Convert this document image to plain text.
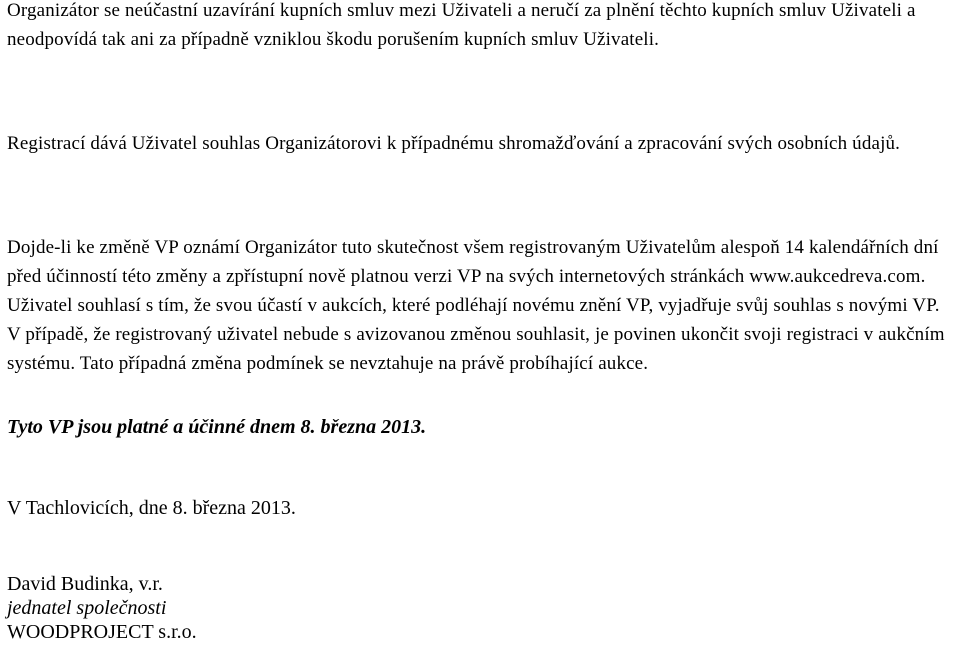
Organizátor se neúčastní uzavírání kupních smluv mezi Uživateli a neručí za plnění těchto kupních smluv Uživateli a neodpovídá tak ani za případně vzniklou škodu porušením kupních smluv Uživateli.

Registrací dává Uživatel souhlas Organizátorovi k případnému shromažďování a zpracování svých osobních údajů.

Dojde-li ke změně VP oznámí Organizátor tuto skutečnost všem registrovaným Uživatelům alespoň 14 kalendářních dní před účinností této změny a zpřístupní nově platnou verzi VP na svých internetových stránkách www.aukcedreva.com. Uživatel souhlasí s tím, že svou účastí v aukcích, které podléhají novému znění VP, vyjadřuje svůj souhlas s novými VP. V případě, že registrovaný uživatel nebude s avizovanou změnou souhlasit, je povinen ukončit svoji registraci v aukčním systému. Tato případná změna podmínek se nevztahuje na právě probíhající aukce.

Tyto VP jsou platné a účinné dnem 8. března 2013.

V Tachlovicích, dne 8. března 2013.

David Budinka, v.r.
jednatel společnosti
WOODPROJECT s.r.o.
